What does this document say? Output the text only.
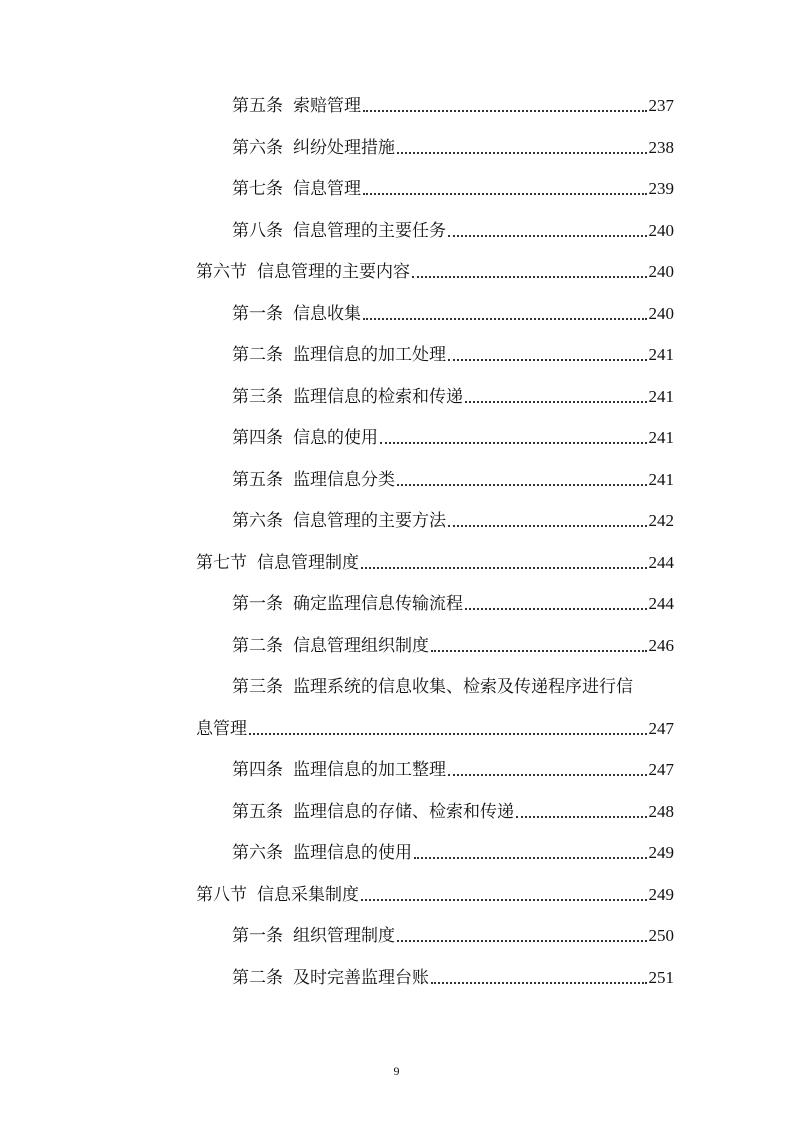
第五条 索赔管理	237
第六条 纠纷处理措施	238
第七条 信息管理	239
第八条 信息管理的主要任务	240
第六节 信息管理的主要内容	240
第一条 信息收集	240
第二条 监理信息的加工处理	241
第三条 监理信息的检索和传递	241
第四条 信息的使用	241
第五条 监理信息分类	241
第六条 信息管理的主要方法	242
第七节 信息管理制度	244
第一条 确定监理信息传输流程	244
第二条 信息管理组织制度	246
第三条 监理系统的信息收集、检索及传递程序进行信
息管理	247
第四条 监理信息的加工整理	247
第五条 监理信息的存储、检索和传递	248
第六条 监理信息的使用	249
第八节 信息采集制度	249
第一条 组织管理制度	250
第二条 及时完善监理台账	251
9
